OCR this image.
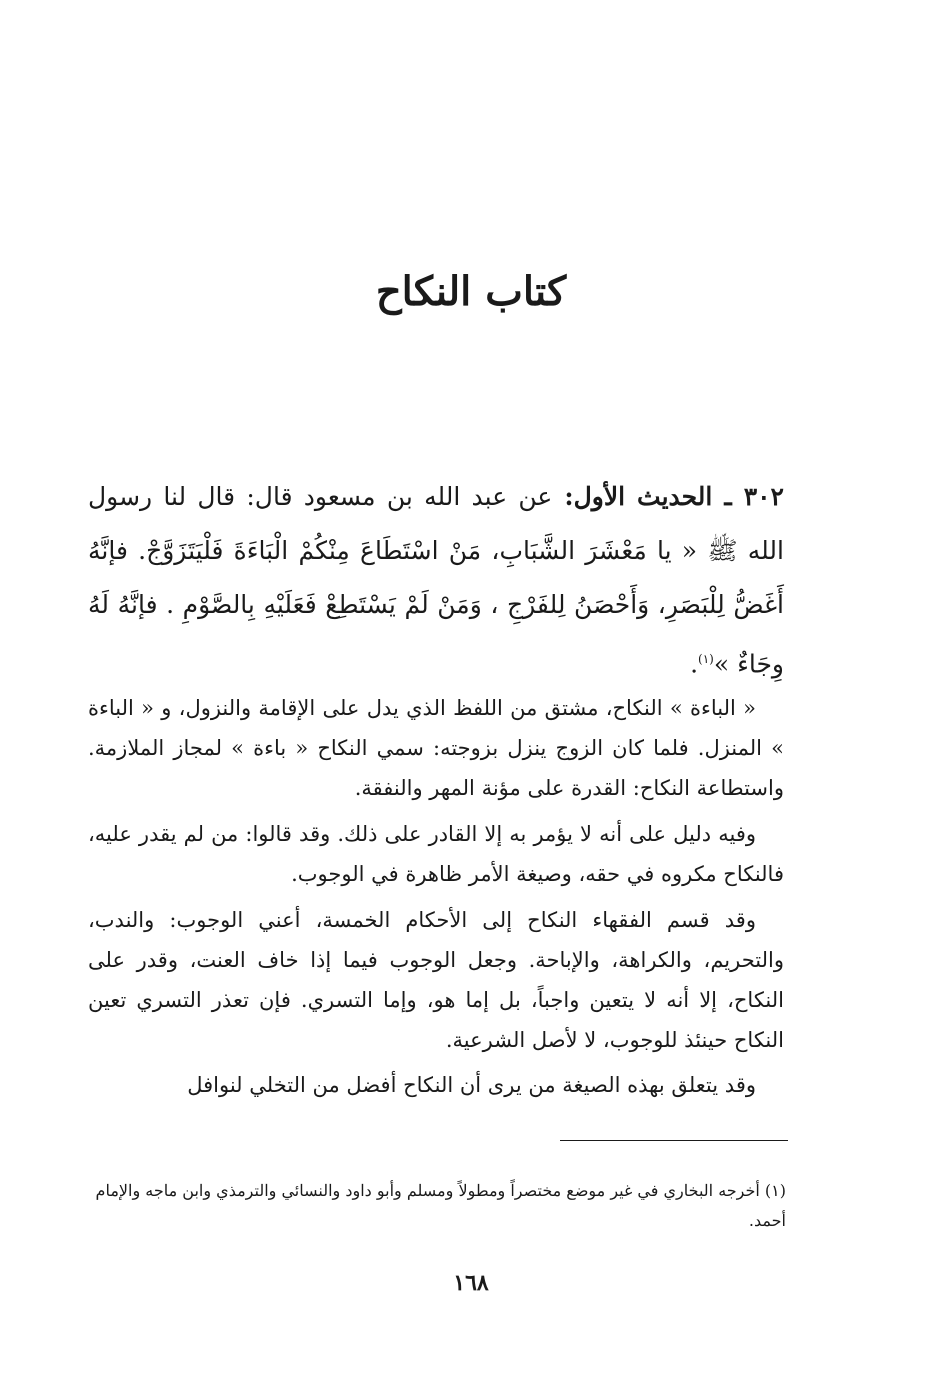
كتاب النكاح
٣٠٢ ـ الحديث الأول: عن عبد الله بن مسعود قال: قال لنا رسول الله ﷺ « يا مَعْشَرَ الشَّبَابِ، مَنْ اسْتَطَاعَ مِنْكُمْ الْبَاءَةَ فَلْيَتَزَوَّجْ. فإنَّهُ أَغَضُّ لِلْبَصَرِ، وَأَحْصَنُ لِلفَرْجِ ، وَمَنْ لَمْ يَسْتَطِعْ فَعَلَيْهِ بِالصَّوْمِ . فإنَّهُ لَهُ وِجَاءٌ »$^{(١)}$.
« الباءة » النكاح، مشتق من اللفظ الذي يدل على الإقامة والنزول، و « الباءة » المنزل. فلما كان الزوج ينزل بزوجته: سمي النكاح « باءة » لمجاز الملازمة. واستطاعة النكاح: القدرة على مؤنة المهر والنفقة.
وفيه دليل على أنه لا يؤمر به إلا القادر على ذلك. وقد قالوا: من لم يقدر عليه، فالنكاح مكروه في حقه، وصيغة الأمر ظاهرة في الوجوب.
وقد قسم الفقهاء النكاح إلى الأحكام الخمسة، أعني الوجوب: والندب، والتحريم، والكراهة، والإباحة. وجعل الوجوب فيما إذا خاف العنت، وقدر على النكاح، إلا أنه لا يتعين واجباً، بل إما هو، وإما التسري. فإن تعذر التسري تعين النكاح حينئذ للوجوب، لا لأصل الشرعية.
وقد يتعلق بهذه الصيغة من يرى أن النكاح أفضل من التخلي لنوافل
(١) أخرجه البخاري في غير موضع مختصراً ومطولاً ومسلم وأبو داود والنسائي والترمذي وابن ماجه والإمام أحمد.
١٦٨
